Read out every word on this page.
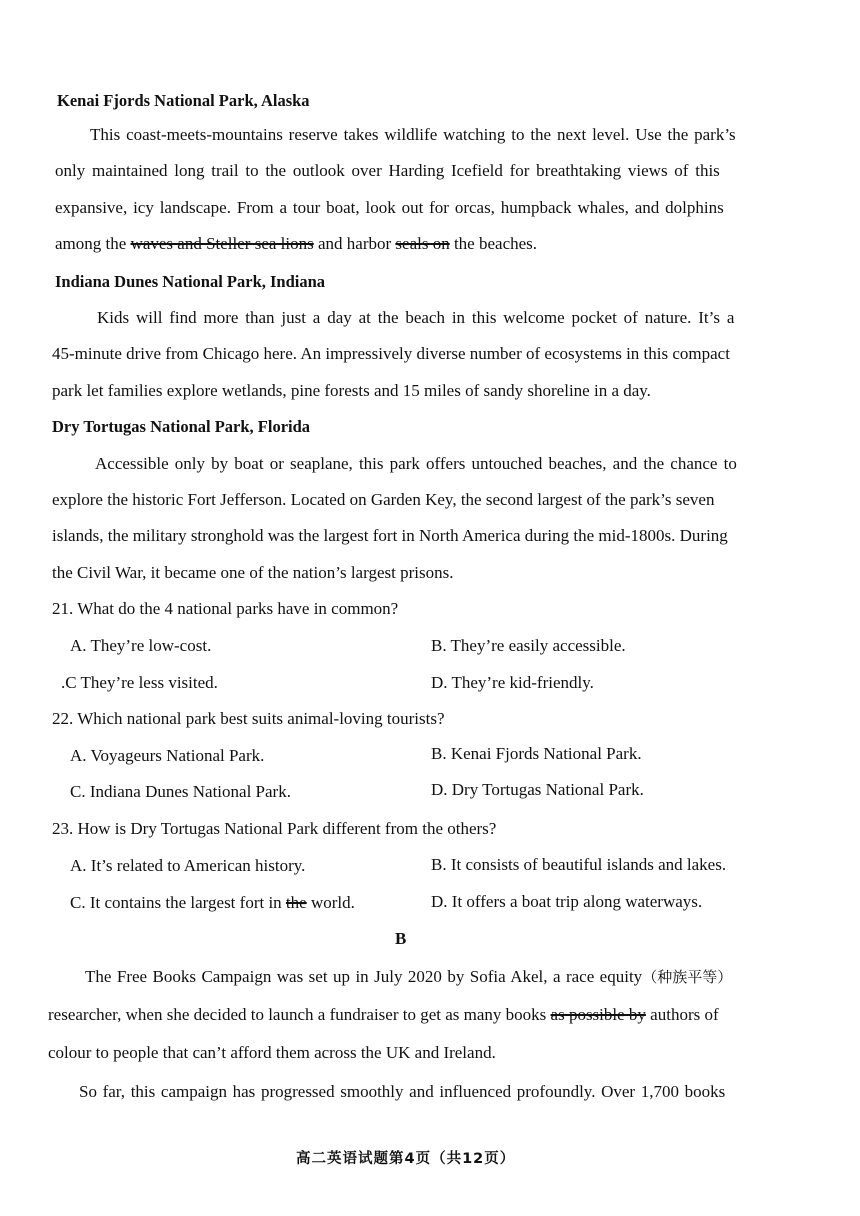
Kenai Fjords National Park, Alaska
This coast-meets-mountains reserve takes wildlife watching to the next level. Use the park’s
only maintained long trail to the outlook over Harding Icefield for breathtaking views of this
expansive, icy landscape. From a tour boat, look out for orcas, humpback whales, and dolphins
among the waves and Steller sea lions and harbor seals on the beaches.
Indiana Dunes National Park, Indiana
Kids will find more than just a day at the beach in this welcome pocket of nature. It’s a
45-minute drive from Chicago here. An impressively diverse number of ecosystems in this compact
park let families explore wetlands, pine forests and 15 miles of sandy shoreline in a day.
Dry Tortugas National Park, Florida
Accessible only by boat or seaplane, this park offers untouched beaches, and the chance to
explore the historic Fort Jefferson. Located on Garden Key, the second largest of the park’s seven
islands, the military stronghold was the largest fort in North America during the mid-1800s. During
the Civil War, it became one of the nation’s largest prisons.
21. What do the 4 national parks have in common?
A. They’re low-cost.	B. They’re easily accessible.
.C They’re less visited.	D. They’re kid-friendly.
22. Which national park best suits animal-loving tourists?
A. Voyageurs National Park.	B. Kenai Fjords National Park.
C. Indiana Dunes National Park.	D. Dry Tortugas National Park.
23. How is Dry Tortugas National Park different from the others?
A. It’s related to American history.	B. It consists of beautiful islands and lakes.
C. It contains the largest fort in the world.	D. It offers a boat trip along waterways.
B
The Free Books Campaign was set up in July 2020 by Sofia Akel, a race equity（种族平等）
researcher, when she decided to launch a fundraiser to get as many books as possible by authors of
colour to people that can’t afford them across the UK and Ireland.
So far, this campaign has progressed smoothly and influenced profoundly. Over 1,700 books
高二英语试题第4页（共12页）
